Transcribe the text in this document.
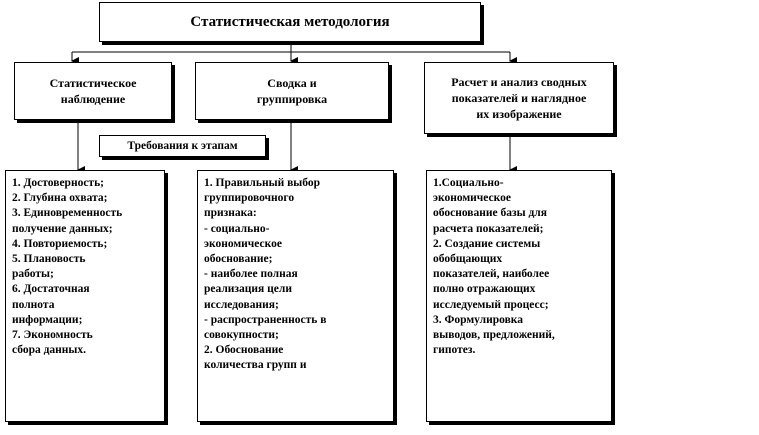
Статистическая методология
Статистическое
наблюдение
Сводка и
группировка
Расчет и анализ сводных
показателей и наглядное
их изображение
Требования к этапам
1. Достоверность;
2. Глубина охвата;
3. Единовременность
получение данных;
4. Повториемость;
5. Плановость
работы;
6. Достаточная
полнота
информации;
7. Экономность
сбора данных.
1. Правильный выбор
группировочного
признака:
- социально-
экономическое
обоснование;
- наиболее полная
реализация цели
исследования;
- распространенность в
совокупности;
2. Обоснование
количества групп и
1.Социально-
экономическое
обоснование базы для
расчета показателей;
2. Создание системы
обобщающих
показателей, наиболее
полно отражающих
исследуемый процесс;
3. Формулировка
выводов, предложений,
гипотез.
